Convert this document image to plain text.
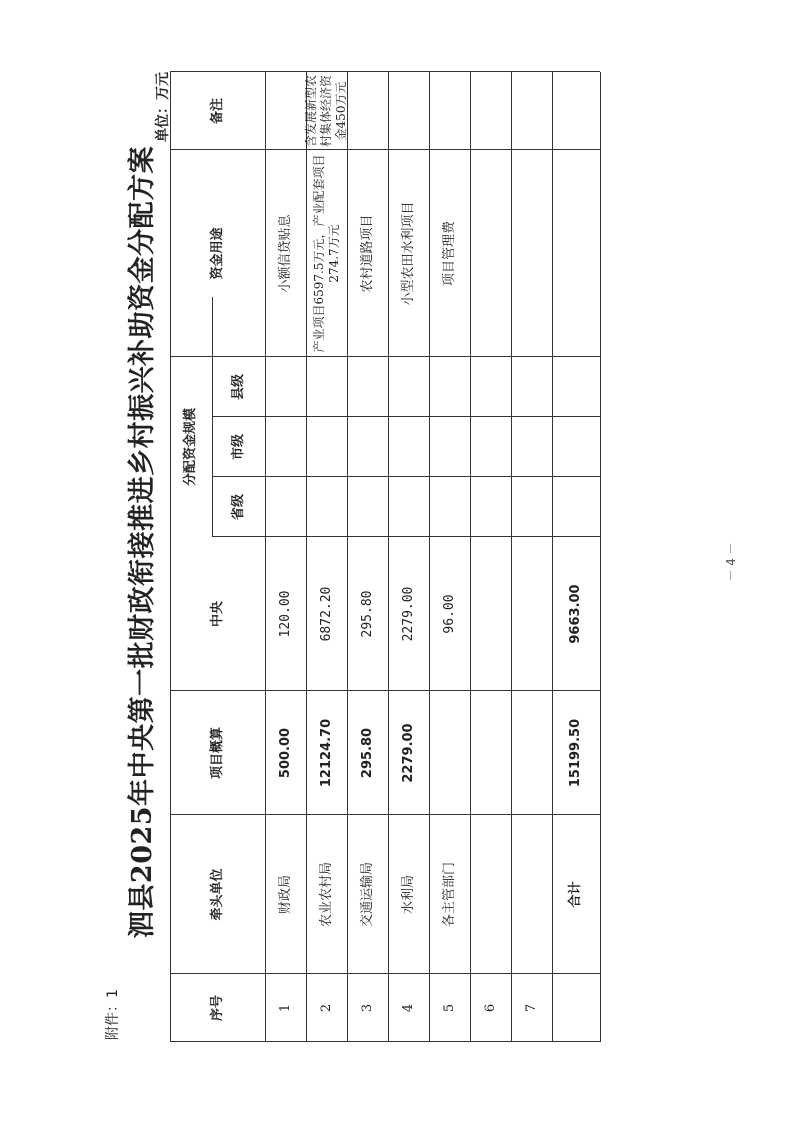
附件：1
泗县2025年中央第一批财政衔接推进乡村振兴补助资金分配方案
单位：万元
序号
牵头单位
项目概算
中央
分配资金规模
省级
市级
县级
资金用途
备注
1
财政局
500.00
120.00
小额信贷贴息
2
农业农村局
12124.70
6872.20
产业项目6597.5万元，产业配套项目274.7万元
含发展新型农村集体经济资金450万元
3
交通运输局
295.80
295.80
农村道路项目
4
水利局
2279.00
2279.00
小型农田水利项目
5
各主管部门
96.00
项目管理费
6	7
合计
15199.50
9663.00
－ 4 －
